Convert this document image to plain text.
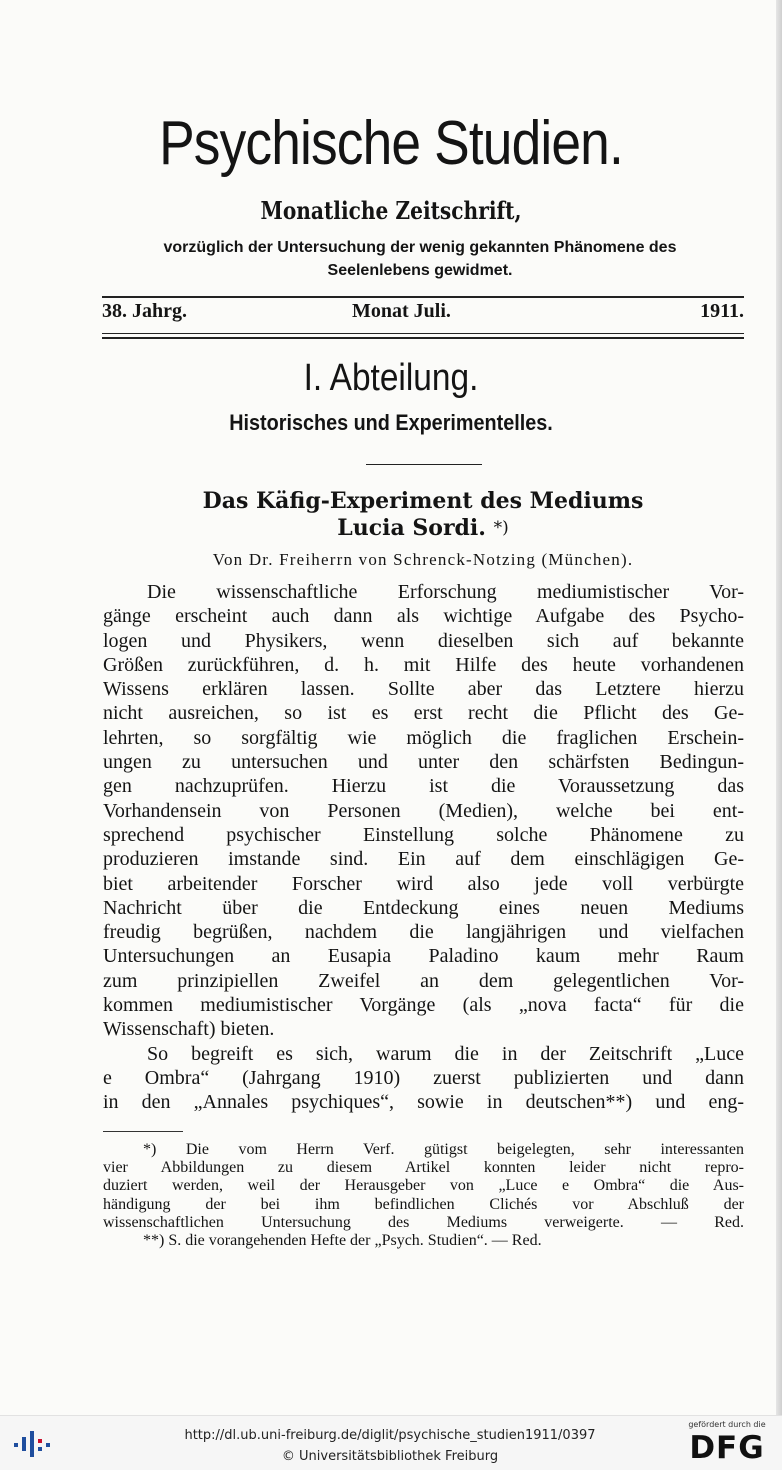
Psychische Studien.
Monatliche Zeitschrift,
vorzüglich der Untersuchung der wenig gekannten Phänomene des
Seelenlebens gewidmet.
38. Jahrg.	Monat Juli.	1911.
I. Abteilung.
Historisches und Experimentelles.
Das Käfig-Experiment des Mediums
Lucia Sordi. *)
Von Dr. Freiherrn von Schrenck-Notzing (München).
Die wissenschaftliche Erforschung mediumistischer Vor-
gänge erscheint auch dann als wichtige Aufgabe des Psycho-
logen und Physikers, wenn dieselben sich auf bekannte
Größen zurückführen, d. h. mit Hilfe des heute vorhandenen
Wissens erklären lassen. Sollte aber das Letztere hierzu
nicht ausreichen, so ist es erst recht die Pflicht des Ge-
lehrten, so sorgfältig wie möglich die fraglichen Erschein-
ungen zu untersuchen und unter den schärfsten Bedingun-
gen nachzuprüfen. Hierzu ist die Voraussetzung das
Vorhandensein von Personen (Medien), welche bei ent-
sprechend psychischer Einstellung solche Phänomene zu
produzieren imstande sind. Ein auf dem einschlägigen Ge-
biet arbeitender Forscher wird also jede voll verbürgte
Nachricht über die Entdeckung eines neuen Mediums
freudig begrüßen, nachdem die langjährigen und vielfachen
Untersuchungen an Eusapia Paladino kaum mehr Raum
zum prinzipiellen Zweifel an dem gelegentlichen Vor-
kommen mediumistischer Vorgänge (als „nova facta“ für die
Wissenschaft) bieten.
So begreift es sich, warum die in der Zeitschrift „Luce
e Ombra“ (Jahrgang 1910) zuerst publizierten und dann
in den „Annales psychiques“, sowie in deutschen**) und eng-
*) Die vom Herrn Verf. gütigst beigelegten, sehr interessanten
vier Abbildungen zu diesem Artikel konnten leider nicht repro-
duziert werden, weil der Herausgeber von „Luce e Ombra“ die Aus-
händigung der bei ihm befindlichen Clichés vor Abschluß der
wissenschaftlichen Untersuchung des Mediums verweigerte. — Red.
**) S. die vorangehenden Hefte der „Psych. Studien“. — Red.
http://dl.ub.uni-freiburg.de/diglit/psychische_studien1911/0397
© Universitätsbibliothek Freiburg
gefördert durch die
DFG
